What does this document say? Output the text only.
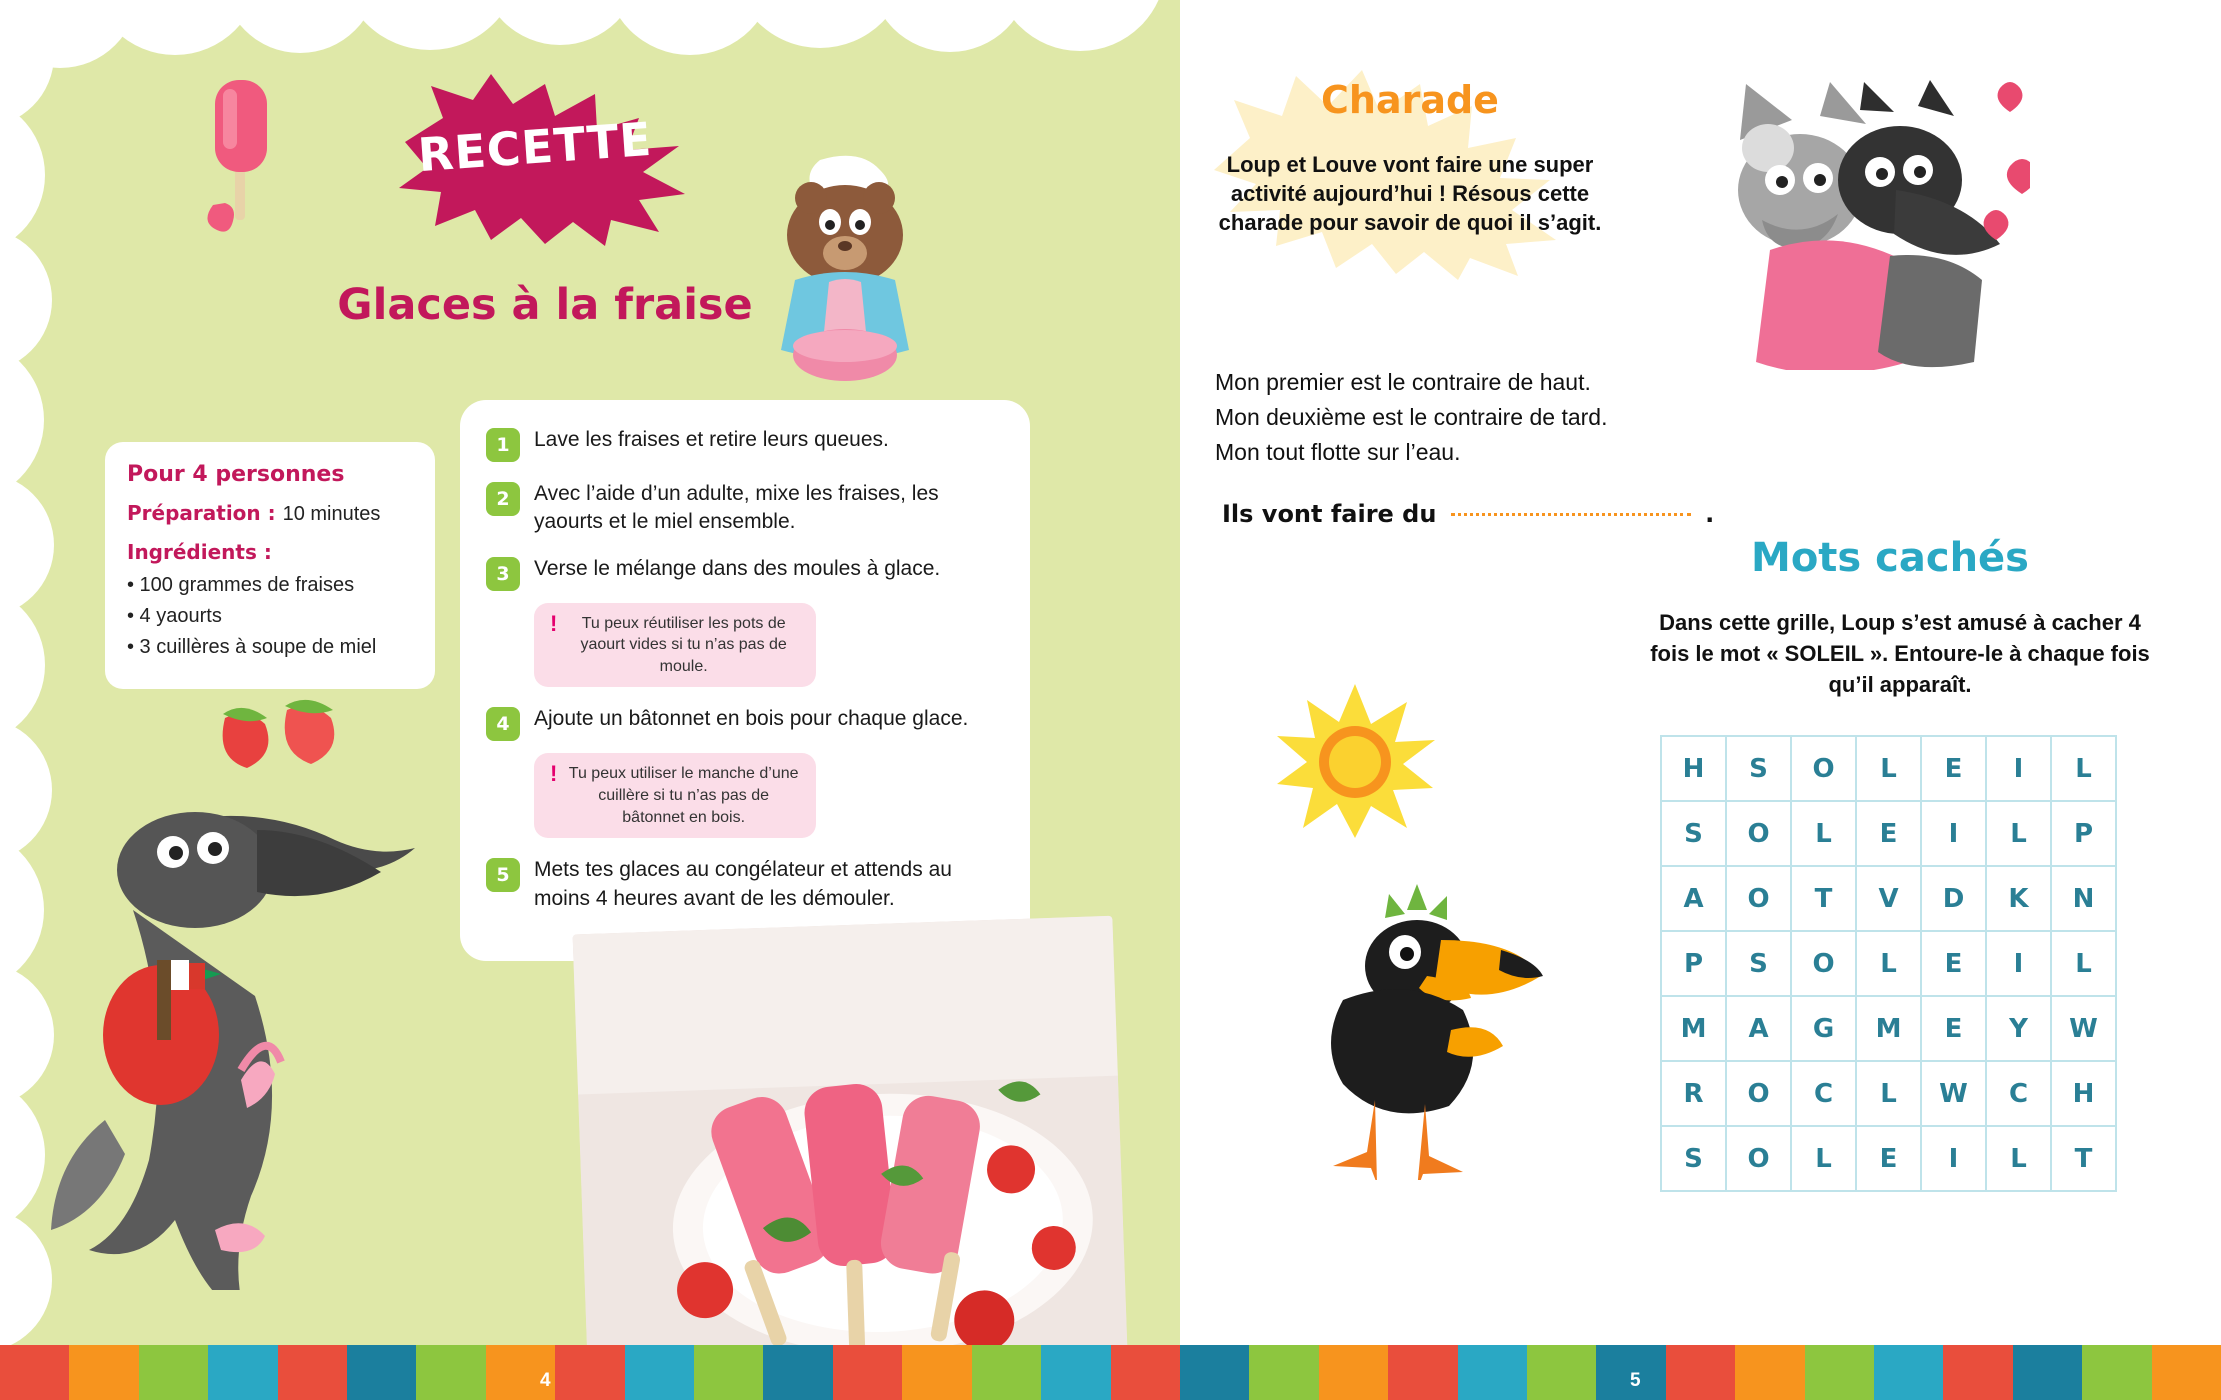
RECETTE
Glaces à la fraise
Pour 4 personnes
Préparation : 10 minutes
Ingrédients :
• 100 grammes de fraises
• 4 yaourts
• 3 cuillères à soupe de miel
1	Lave les fraises et retire leurs queues.
2	Avec l’aide d’un adulte, mixe les fraises, les yaourts et le miel ensemble.
3	Verse le mélange dans des moules à glace.
!	Tu peux réutiliser les pots de yaourt vides si tu n’as pas de moule.
4	Ajoute un bâtonnet en bois pour chaque glace.
! Tu peux utiliser le manche d’une cuillère si tu n’as pas de bâtonnet en bois.
5	Mets tes glaces au congélateur et attends au moins 4 heures avant de les démouler.
Charade
Loup et Louve vont faire une super activité aujourd’hui ! Résous cette charade pour savoir de quoi il s’agit.
Mon premier est le contraire de haut.
Mon deuxième est le contraire de tard.
Mon tout flotte sur l’eau.
Ils vont faire du	.
Mots cachés
Dans cette grille, Loup s’est amusé à cacher 4 fois le mot « SOLEIL ». Entoure-le à chaque fois qu’il apparaît.
H	S	O	L	E	I	L
S	O	L	E	I	L	P
A	O	T	V	D	K	N
P	S	O	L	E	I	L
M	A	G	M	E	Y	W
R	O	C	L	W	C	H
S	O	L	E	I	L	T
4	5
